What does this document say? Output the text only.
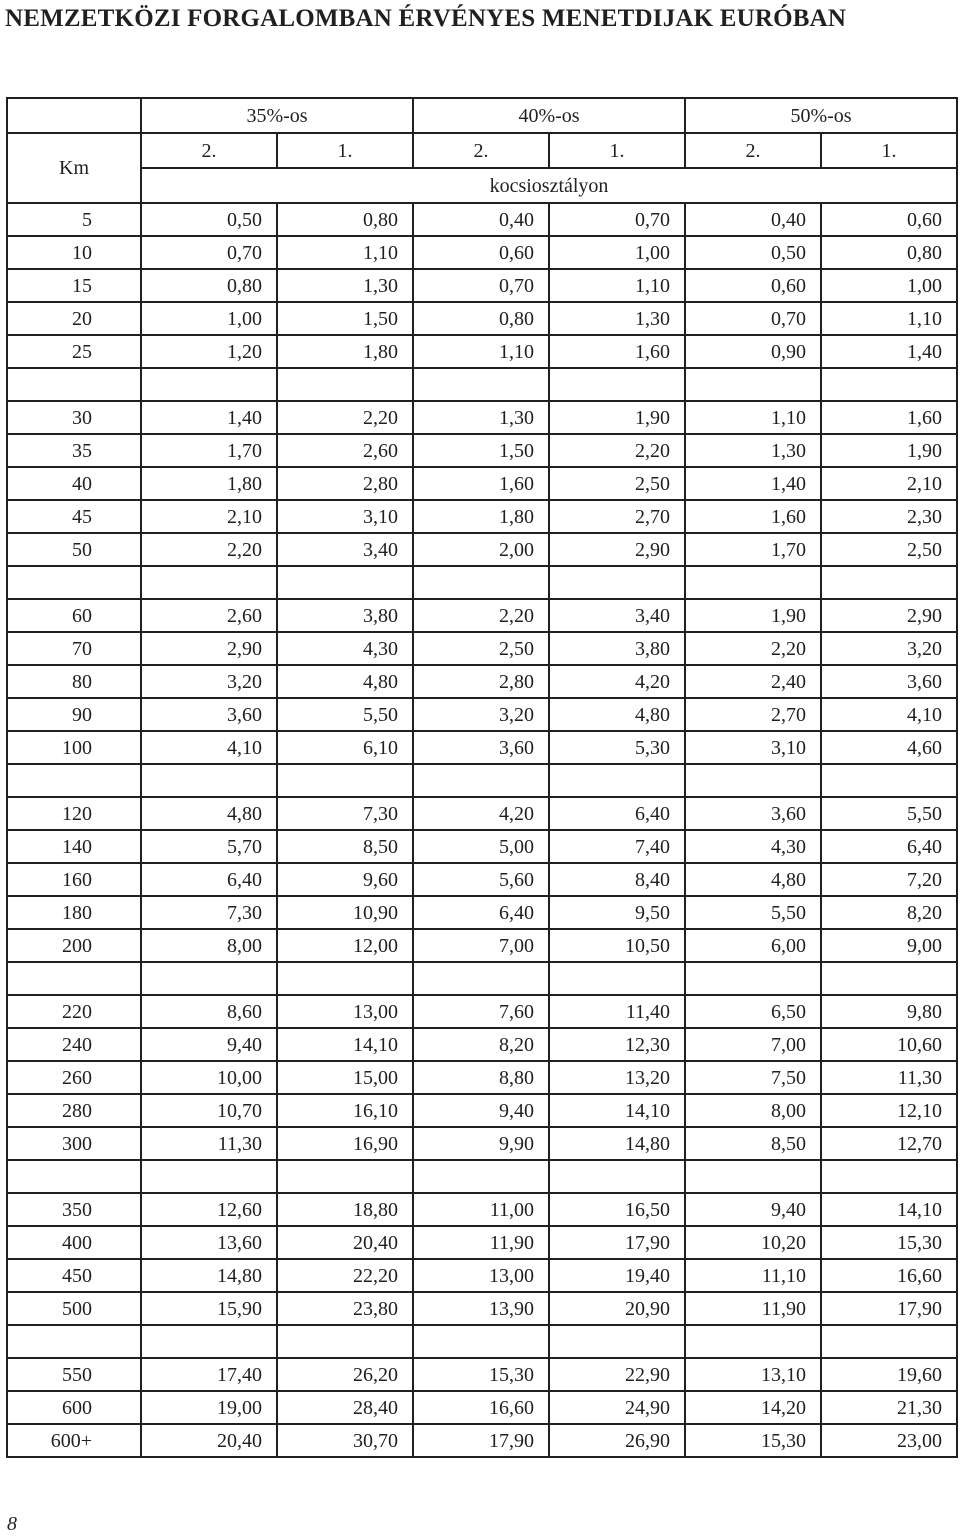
NEMZETKÖZI FORGALOMBAN ÉRVÉNYES MENETDIJAK EURÓBAN
	35%-os		40%-os		50%-os	
Km	2.	1.	2.	1.	2.	1.
	kocsiosztályon					
5	0,50	0,80	0,40	0,70	0,40	0,60
10	0,70	1,10	0,60	1,00	0,50	0,80
15	0,80	1,30	0,70	1,10	0,60	1,00
20	1,00	1,50	0,80	1,30	0,70	1,10
25	1,20	1,80	1,10	1,60	0,90	1,40

30	1,40	2,20	1,30	1,90	1,10	1,60
35	1,70	2,60	1,50	2,20	1,30	1,90
40	1,80	2,80	1,60	2,50	1,40	2,10
45	2,10	3,10	1,80	2,70	1,60	2,30
50	2,20	3,40	2,00	2,90	1,70	2,50

60	2,60	3,80	2,20	3,40	1,90	2,90
70	2,90	4,30	2,50	3,80	2,20	3,20
80	3,20	4,80	2,80	4,20	2,40	3,60
90	3,60	5,50	3,20	4,80	2,70	4,10
100	4,10	6,10	3,60	5,30	3,10	4,60

120	4,80	7,30	4,20	6,40	3,60	5,50
140	5,70	8,50	5,00	7,40	4,30	6,40
160	6,40	9,60	5,60	8,40	4,80	7,20
180	7,30	10,90	6,40	9,50	5,50	8,20
200	8,00	12,00	7,00	10,50	6,00	9,00

220	8,60	13,00	7,60	11,40	6,50	9,80
240	9,40	14,10	8,20	12,30	7,00	10,60
260	10,00	15,00	8,80	13,20	7,50	11,30
280	10,70	16,10	9,40	14,10	8,00	12,10
300	11,30	16,90	9,90	14,80	8,50	12,70

350	12,60	18,80	11,00	16,50	9,40	14,10
400	13,60	20,40	11,90	17,90	10,20	15,30
450	14,80	22,20	13,00	19,40	11,10	16,60
500	15,90	23,80	13,90	20,90	11,90	17,90

550	17,40	26,20	15,30	22,90	13,10	19,60
600	19,00	28,40	16,60	24,90	14,20	21,30
600+	20,40	30,70	17,90	26,90	15,30	23,00
8
